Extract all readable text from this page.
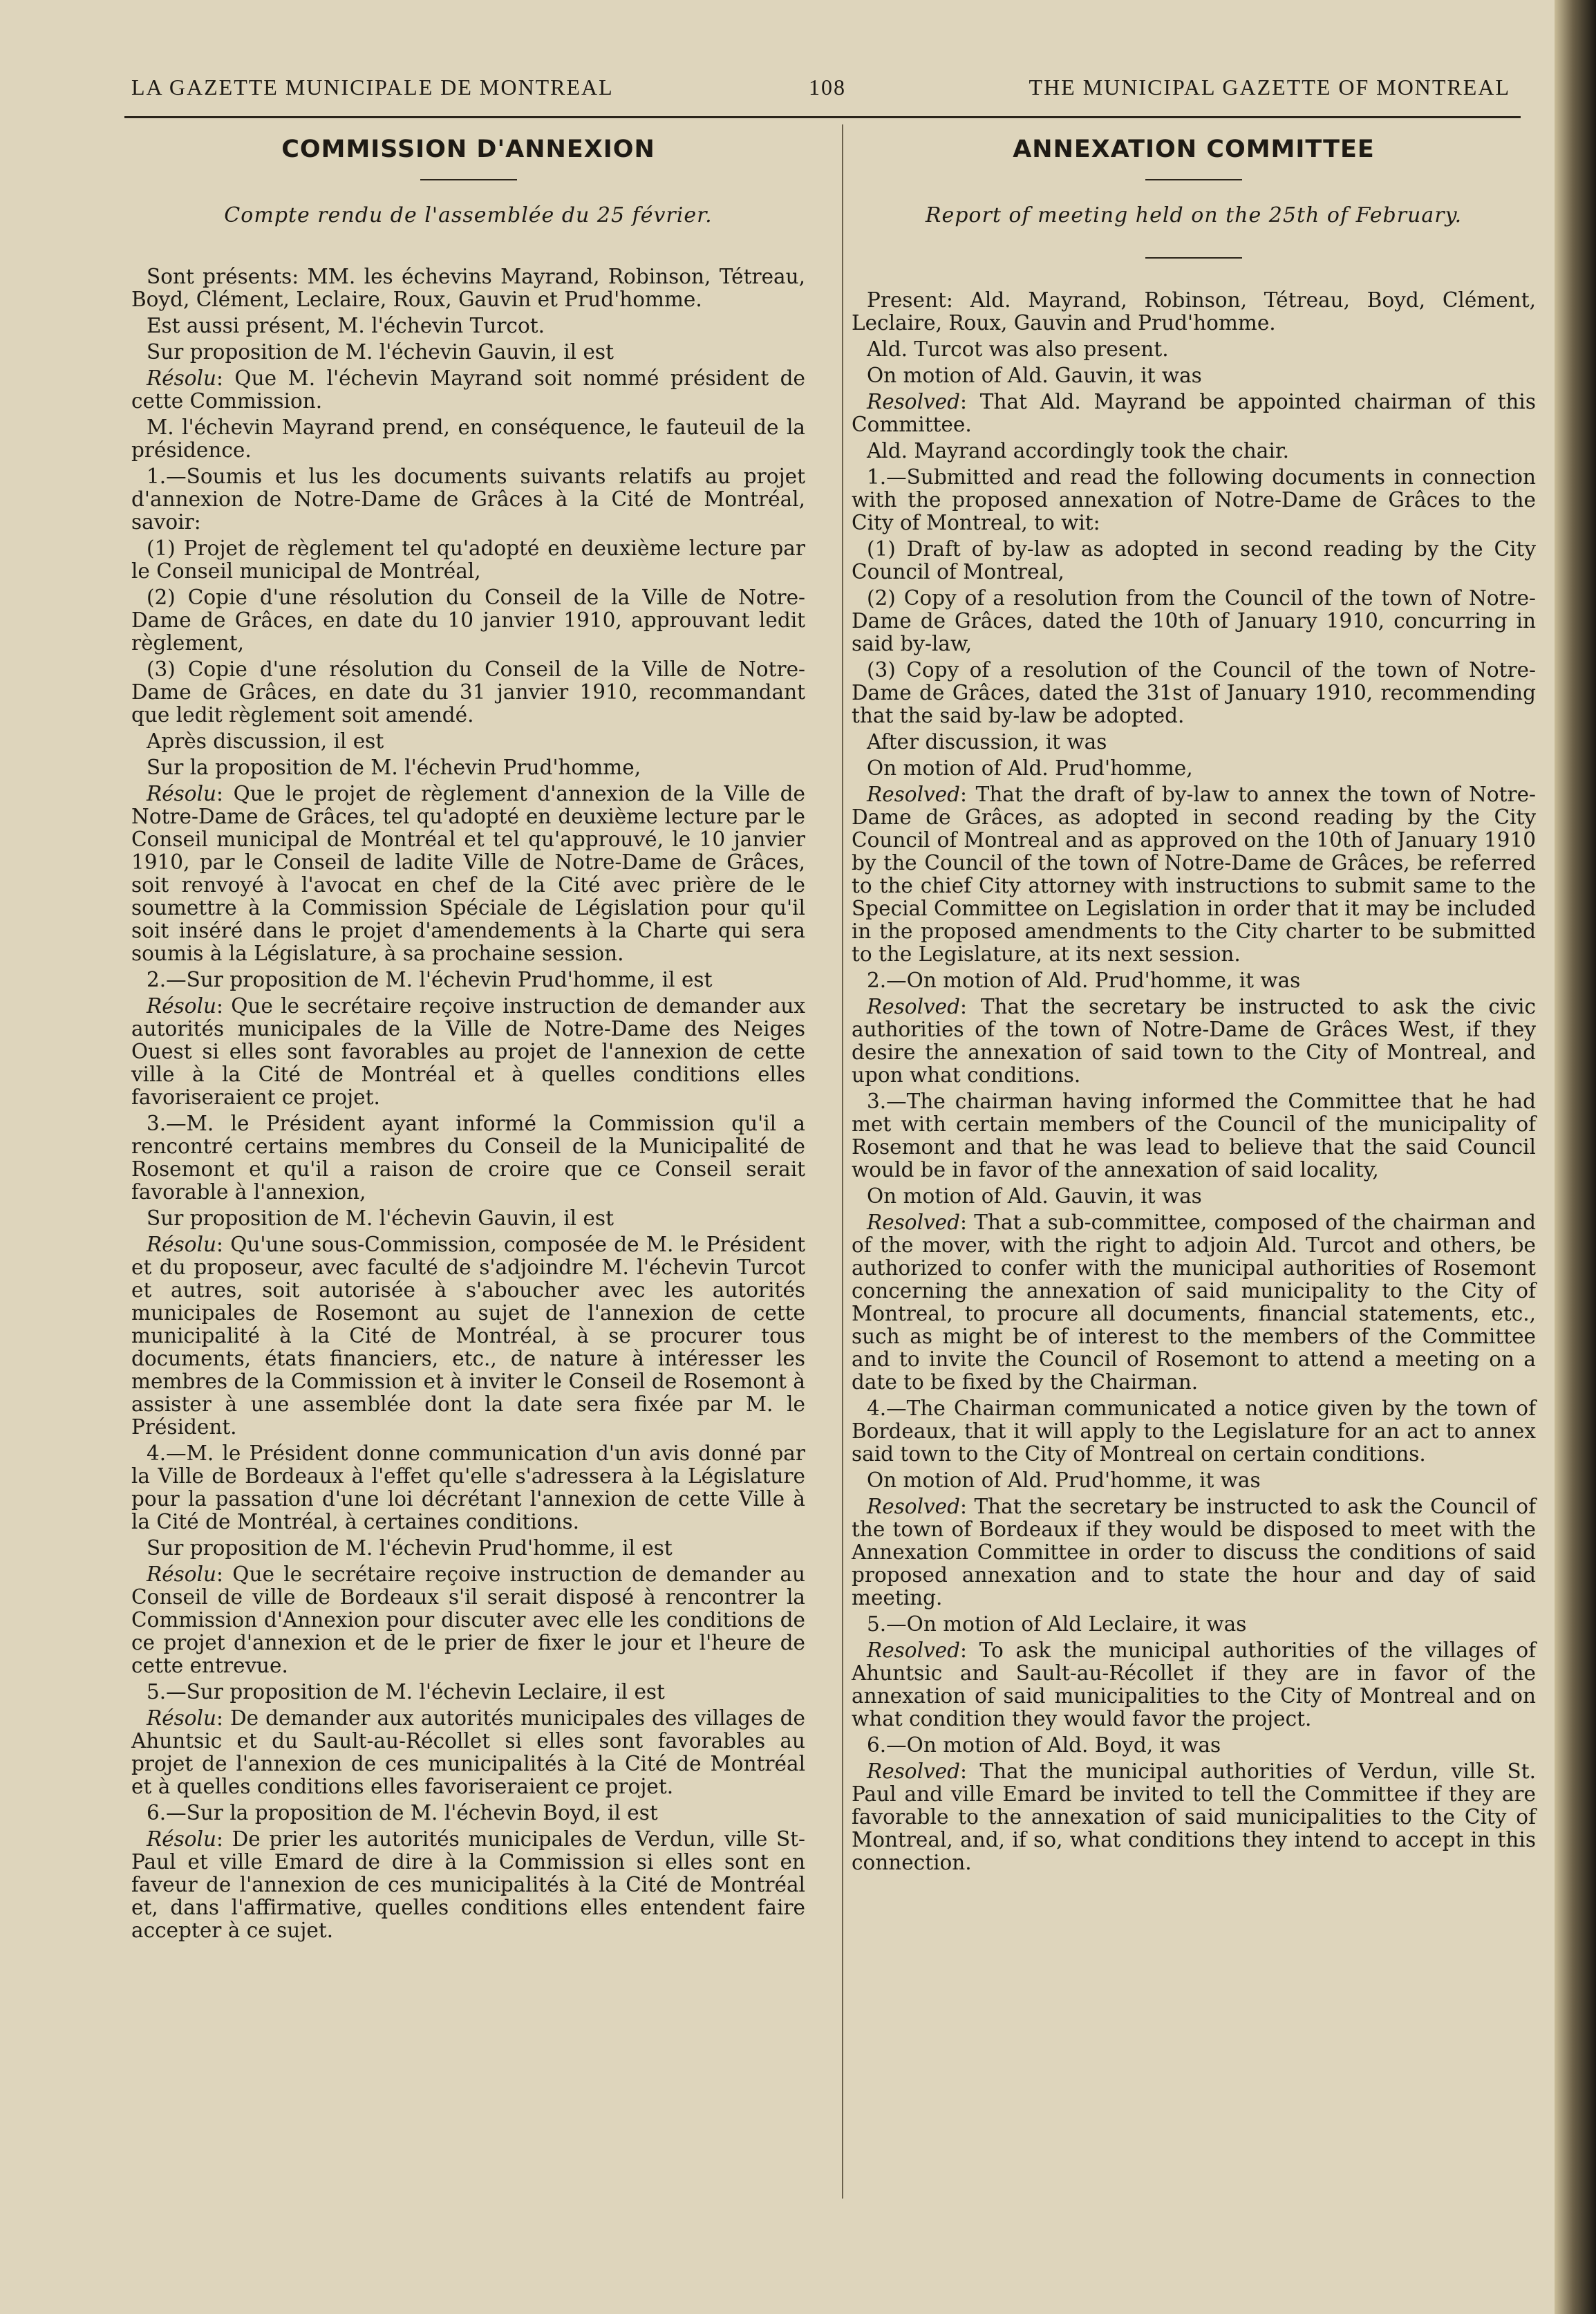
LA GAZETTE MUNICIPALE DE MONTREAL	108	THE MUNICIPAL GAZETTE OF MONTREAL
COMMISSION D'ANNEXION

Compte rendu de l'assemblée du 25 février.

Sont présents: MM. les échevins Mayrand, Robinson, Tétreau, Boyd, Clément, Leclaire, Roux, Gauvin et Prud'homme.

Est aussi présent, M. l'échevin Turcot.

Sur proposition de M. l'échevin Gauvin, il est

Résolu: Que M. l'échevin Mayrand soit nommé président de cette Commission.

M. l'échevin Mayrand prend, en conséquence, le fauteuil de la présidence.

1.—Soumis et lus les documents suivants relatifs au projet d'annexion de Notre-Dame de Grâces à la Cité de Montréal, savoir:

(1) Projet de règlement tel qu'adopté en deuxième lecture par le Conseil municipal de Montréal,

(2) Copie d'une résolution du Conseil de la Ville de Notre-Dame de Grâces, en date du 10 janvier 1910, approuvant ledit règlement,

(3) Copie d'une résolution du Conseil de la Ville de Notre-Dame de Grâces, en date du 31 janvier 1910, recommandant que ledit règlement soit amendé.

Après discussion, il est

Sur la proposition de M. l'échevin Prud'homme,

Résolu: Que le projet de règlement d'annexion de la Ville de Notre-Dame de Grâces, tel qu'adopté en deuxième lecture par le Conseil municipal de Montréal et tel qu'approuvé, le 10 janvier 1910, par le Conseil de ladite Ville de Notre-Dame de Grâces, soit renvoyé à l'avocat en chef de la Cité avec prière de le soumettre à la Commission Spéciale de Législation pour qu'il soit inséré dans le projet d'amendements à la Charte qui sera soumis à la Législature, à sa prochaine session.

2.—Sur proposition de M. l'échevin Prud'homme, il est

Résolu: Que le secrétaire reçoive instruction de demander aux autorités municipales de la Ville de Notre-Dame des Neiges Ouest si elles sont favorables au projet de l'annexion de cette ville à la Cité de Montréal et à quelles conditions elles favoriseraient ce projet.

3.—M. le Président ayant informé la Commission qu'il a rencontré certains membres du Conseil de la Municipalité de Rosemont et qu'il a raison de croire que ce Conseil serait favorable à l'annexion,

Sur proposition de M. l'échevin Gauvin, il est

Résolu: Qu'une sous-Commission, composée de M. le Président et du proposeur, avec faculté de s'adjoindre M. l'échevin Turcot et autres, soit autorisée à s'aboucher avec les autorités municipales de Rosemont au sujet de l'annexion de cette municipalité à la Cité de Montréal, à se procurer tous documents, états financiers, etc., de nature à intéresser les membres de la Commission et à inviter le Conseil de Rosemont à assister à une assemblée dont la date sera fixée par M. le Président.

4.—M. le Président donne communication d'un avis donné par la Ville de Bordeaux à l'effet qu'elle s'adressera à la Législature pour la passation d'une loi décrétant l'annexion de cette Ville à la Cité de Montréal, à certaines conditions.

Sur proposition de M. l'échevin Prud'homme, il est

Résolu: Que le secrétaire reçoive instruction de demander au Conseil de ville de Bordeaux s'il serait disposé à rencontrer la Commission d'Annexion pour discuter avec elle les conditions de ce projet d'annexion et de le prier de fixer le jour et l'heure de cette entrevue.

5.—Sur proposition de M. l'échevin Leclaire, il est

Résolu: De demander aux autorités municipales des villages de Ahuntsic et du Sault-au-Récollet si elles sont favorables au projet de l'annexion de ces municipalités à la Cité de Montréal et à quelles conditions elles favoriseraient ce projet.

6.—Sur la proposition de M. l'échevin Boyd, il est

Résolu: De prier les autorités municipales de Verdun, ville St-Paul et ville Emard de dire à la Commission si elles sont en faveur de l'annexion de ces municipalités à la Cité de Montréal et, dans l'affirmative, quelles conditions elles entendent faire accepter à ce sujet.

ANNEXATION COMMITTEE

Report of meeting held on the 25th of February.

Present: Ald. Mayrand, Robinson, Tétreau, Boyd, Clément, Leclaire, Roux, Gauvin and Prud'homme.

Ald. Turcot was also present.

On motion of Ald. Gauvin, it was

Resolved: That Ald. Mayrand be appointed chairman of this Committee.

Ald. Mayrand accordingly took the chair.

1.—Submitted and read the following documents in connection with the proposed annexation of Notre-Dame de Grâces to the City of Montreal, to wit:

(1) Draft of by-law as adopted in second reading by the City Council of Montreal,

(2) Copy of a resolution from the Council of the town of Notre-Dame de Grâces, dated the 10th of January 1910, concurring in said by-law,

(3) Copy of a resolution of the Council of the town of Notre-Dame de Grâces, dated the 31st of January 1910, recommending that the said by-law be adopted.

After discussion, it was

On motion of Ald. Prud'homme,

Resolved: That the draft of by-law to annex the town of Notre-Dame de Grâces, as adopted in second reading by the City Council of Montreal and as approved on the 10th of January 1910 by the Council of the town of Notre-Dame de Grâces, be referred to the chief City attorney with instructions to submit same to the Special Committee on Legislation in order that it may be included in the proposed amendments to the City charter to be submitted to the Legislature, at its next session.

2.—On motion of Ald. Prud'homme, it was

Resolved: That the secretary be instructed to ask the civic authorities of the town of Notre-Dame de Grâces West, if they desire the annexation of said town to the City of Montreal, and upon what conditions.

3.—The chairman having informed the Committee that he had met with certain members of the Council of the municipality of Rosemont and that he was lead to believe that the said Council would be in favor of the annexation of said locality,

On motion of Ald. Gauvin, it was

Resolved: That a sub-committee, composed of the chairman and of the mover, with the right to adjoin Ald. Turcot and others, be authorized to confer with the municipal authorities of Rosemont concerning the annexation of said municipality to the City of Montreal, to procure all documents, financial statements, etc., such as might be of interest to the members of the Committee and to invite the Council of Rosemont to attend a meeting on a date to be fixed by the Chairman.

4.—The Chairman communicated a notice given by the town of Bordeaux, that it will apply to the Legislature for an act to annex said town to the City of Montreal on certain conditions.

On motion of Ald. Prud'homme, it was

Resolved: That the secretary be instructed to ask the Council of the town of Bordeaux if they would be disposed to meet with the Annexation Committee in order to discuss the conditions of said proposed annexation and to state the hour and day of said meeting.

5.—On motion of Ald Leclaire, it was

Resolved: To ask the municipal authorities of the villages of Ahuntsic and Sault-au-Récollet if they are in favor of the annexation of said municipalities to the City of Montreal and on what condition they would favor the project.

6.—On motion of Ald. Boyd, it was

Resolved: That the municipal authorities of Verdun, ville St. Paul and ville Emard be invited to tell the Committee if they are favorable to the annexation of said municipalities to the City of Montreal, and, if so, what conditions they intend to accept in this connection.
